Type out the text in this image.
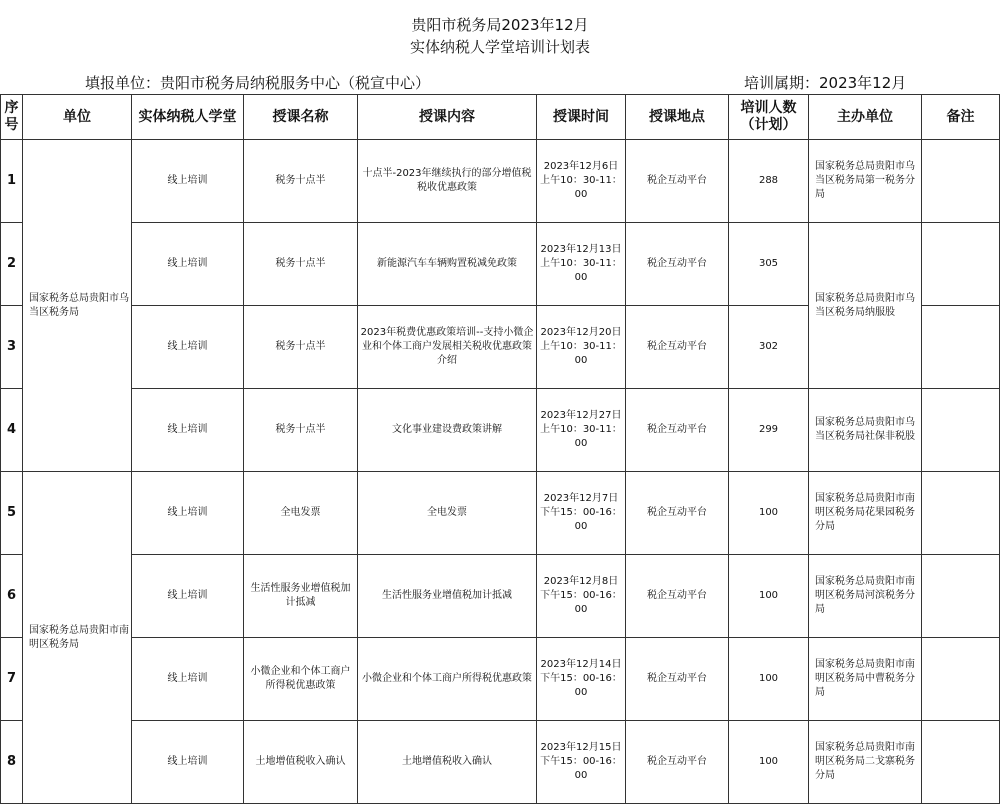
贵阳市税务局2023年12月
实体纳税人学堂培训计划表
填报单位：贵阳市税务局纳税服务中心（税宣中心）	培训属期：2023年12月
序号	单位	实体纳税人学堂	授课名称	授课内容	授课时间	授课地点	培训人数（计划）	主办单位	备注
1	国家税务总局贵阳市乌当区税务局	线上培训	税务十点半	十点半-2023年继续执行的部分增值税税收优惠政策	2023年12月6日上午10：30-11：00	税企互动平台	288	国家税务总局贵阳市乌当区税务局第一税务分局	
2		线上培训	税务十点半	新能源汽车车辆购置税减免政策	2023年12月13日上午10：30-11：00	税企互动平台	305	国家税务总局贵阳市乌当区税务局纳服股	
3		线上培训	税务十点半	2023年税费优惠政策培训--支持小微企业和个体工商户发展相关税收优惠政策介绍	2023年12月20日上午10：30-11：00	税企互动平台	302		
4		线上培训	税务十点半	文化事业建设费政策讲解	2023年12月27日上午10：30-11：00	税企互动平台	299	国家税务总局贵阳市乌当区税务局社保非税股	
5	国家税务总局贵阳市南明区税务局	线上培训	全电发票	全电发票	2023年12月7日下午15：00-16：00	税企互动平台	100	国家税务总局贵阳市南明区税务局花果园税务分局	
6		线上培训	生活性服务业增值税加计抵减	生活性服务业增值税加计抵减	2023年12月8日下午15：00-16：00	税企互动平台	100	国家税务总局贵阳市南明区税务局河滨税务分局	
7		线上培训	小微企业和个体工商户所得税优惠政策	小微企业和个体工商户所得税优惠政策	2023年12月14日下午15：00-16：00	税企互动平台	100	国家税务总局贵阳市南明区税务局中曹税务分局	
8		线上培训	土地增值税收入确认	土地增值税收入确认	2023年12月15日下午15：00-16：00	税企互动平台	100	国家税务总局贵阳市南明区税务局二戈寨税务分局	
